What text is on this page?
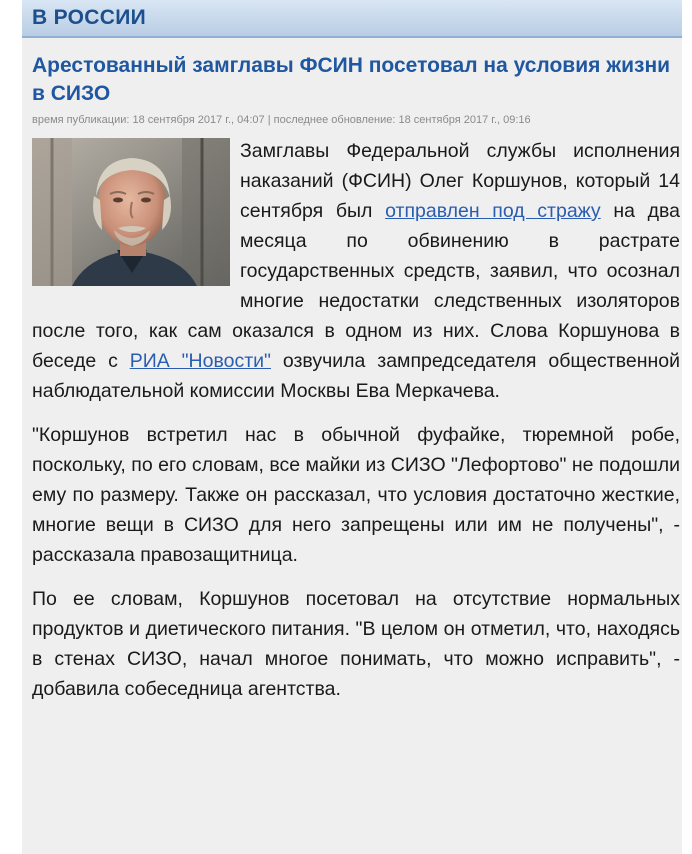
В РОССИИ
Арестованный замглавы ФСИН посетовал на условия жизни в СИЗО
время публикации: 18 сентября 2017 г., 04:07 | последнее обновление: 18 сентября 2017 г., 09:16

Замглавы Федеральной службы исполнения наказаний (ФСИН) Олег Коршунов, который 14 сентября был отправлен под стражу на два месяца по обвинению в растрате государственных средств, заявил, что осознал многие недостатки следственных изоляторов после того, как сам оказался в одном из них. Слова Коршунова в беседе с РИА "Новости" озвучила зампредседателя общественной наблюдательной комиссии Москвы Ева Меркачева.

"Коршунов встретил нас в обычной фуфайке, тюремной робе, поскольку, по его словам, все майки из СИЗО "Лефортово" не подошли ему по размеру. Также он рассказал, что условия достаточно жесткие, многие вещи в СИЗО для него запрещены или им не получены", - рассказала правозащитница.

По ее словам, Коршунов посетовал на отсутствие нормальных продуктов и диетического питания. "В целом он отметил, что, находясь в стенах СИЗО, начал многое понимать, что можно исправить", - добавила собеседница агентства.
